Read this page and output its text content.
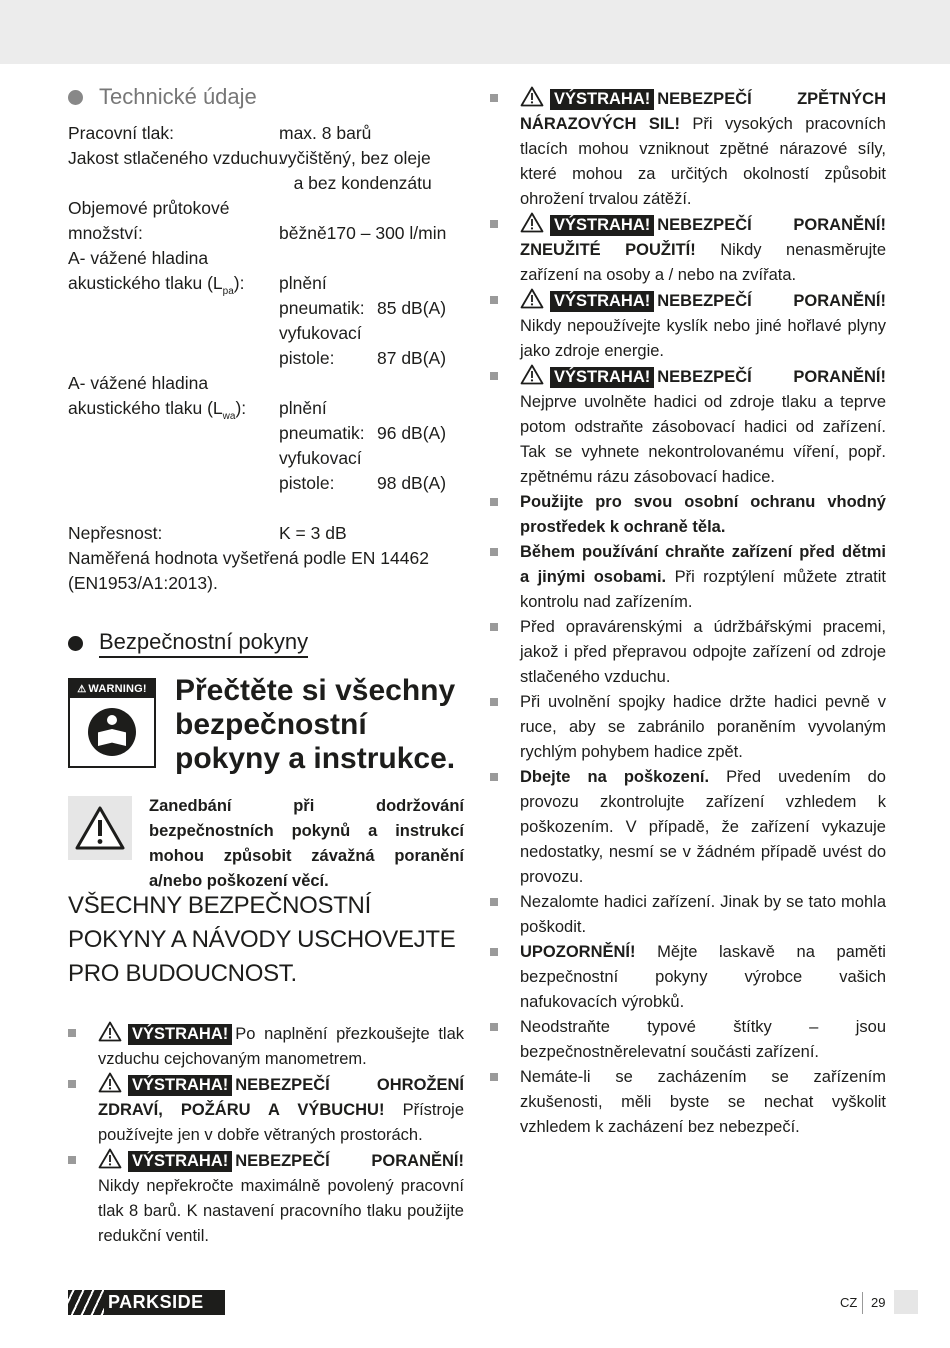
Technické údaje
Pracovní tlak:	max. 8 barů
Jakost stlačeného vzduchu:
vyčištěný, bez oleje
a bez kondenzátu
Objemové průtokové
množství:	běžně170 – 300 l/min
A- vážené hladina
akustického tlaku $(L_{pa})$: plnění
pneumatik: 85 dB(A)
vyfukovací
pistole: 87 dB(A)
A- vážené hladina
akustického tlaku $(L_{wa})$: plnění
pneumatik: 96 dB(A)
vyfukovací
pistole: 98 dB(A)
Nepřesnost:	K = 3 dB
Naměřená hodnota vyšetřená podle EN 14462
(EN1953/A1:2013).
Bezpečnostní pokyny
⚠ WARNING! Přečtěte si všechny bezpečnostní pokyny a instrukce.
Zanedbání při dodržování bezpečnostních pokynů a instrukcí mohou způsobit závažná poranění a/nebo poškození věcí.
VŠECHNY BEZPEČNOSTNÍ POKYNY A NÁVODY USCHOVEJTE PRO BUDOUCNOST.
VÝSTRAHA! Po naplnění přezkoušejte tlak vzduchu cejchovaným manometrem.
VÝSTRAHA! NEBEZPEČÍ OHROŽENÍ ZDRAVÍ, POŽÁRU A VÝBUCHU! Přístroje používejte jen v dobře větraných prostorách.
VÝSTRAHA! NEBEZPEČÍ PORANĚNÍ! Nikdy nepřekročte maximálně povolený pracovní tlak 8 barů. K nastavení pracovního tlaku použijte redukční ventil.
VÝSTRAHA! NEBEZPEČÍ ZPĚTNÝCH NÁRAZOVÝCH SIL! Při vysokých pracovních tlacích mohou vzniknout zpětné nárazové síly, které mohou za určitých okolností způsobit ohrožení trvalou zátěží.
VÝSTRAHA! NEBEZPEČÍ PORANĚNÍ! ZNEUŽITÉ POUŽITÍ! Nikdy nenasměrujte zařízení na osoby a / nebo na zvířata.
VÝSTRAHA! NEBEZPEČÍ PORANĚNÍ! Nikdy nepoužívejte kyslík nebo jiné hořlavé plyny jako zdroje energie.
VÝSTRAHA! NEBEZPEČÍ PORANĚNÍ! Nejprve uvolněte hadici od zdroje tlaku a teprve potom odstraňte zásobovací hadici od zařízení. Tak se vyhnete nekontrolovanému víření, popř. zpětnému rázu zásobovací hadice.
Použijte pro svou osobní ochranu vhodný prostředek k ochraně těla.
Během používání chraňte zařízení před dětmi a jinými osobami. Při rozptýlení můžete ztratit kontrolu nad zařízením.
Před opravárenskými a údržbářskými pracemi, jakož i před přepravou odpojte zařízení od zdroje stlačeného vzduchu.
Při uvolnění spojky hadice držte hadici pevně v ruce, aby se zabránilo poraněním vyvolaným rychlým pohybem hadice zpět.
Dbejte na poškození. Před uvedením do provozu zkontrolujte zařízení vzhledem k poškozením. V případě, že zařízení vykazuje nedostatky, nesmí se v žádném případě uvést do provozu.
Nezalomte hadici zařízení. Jinak by se tato mohla poškodit.
UPOZORNĚNÍ! Mějte laskavě na paměti bezpečnostní pokyny výrobce vašich nafukovacích výrobků.
Neodstraňte typové štítky – jsou bezpečnostněrelevatní součásti zařízení.
Nemáte-li se zacházením se zařízením zkušenosti, měli byste se nechat vyškolit vzhledem k zacházení bez nebezpečí.
PARKSIDE	CZ 29
